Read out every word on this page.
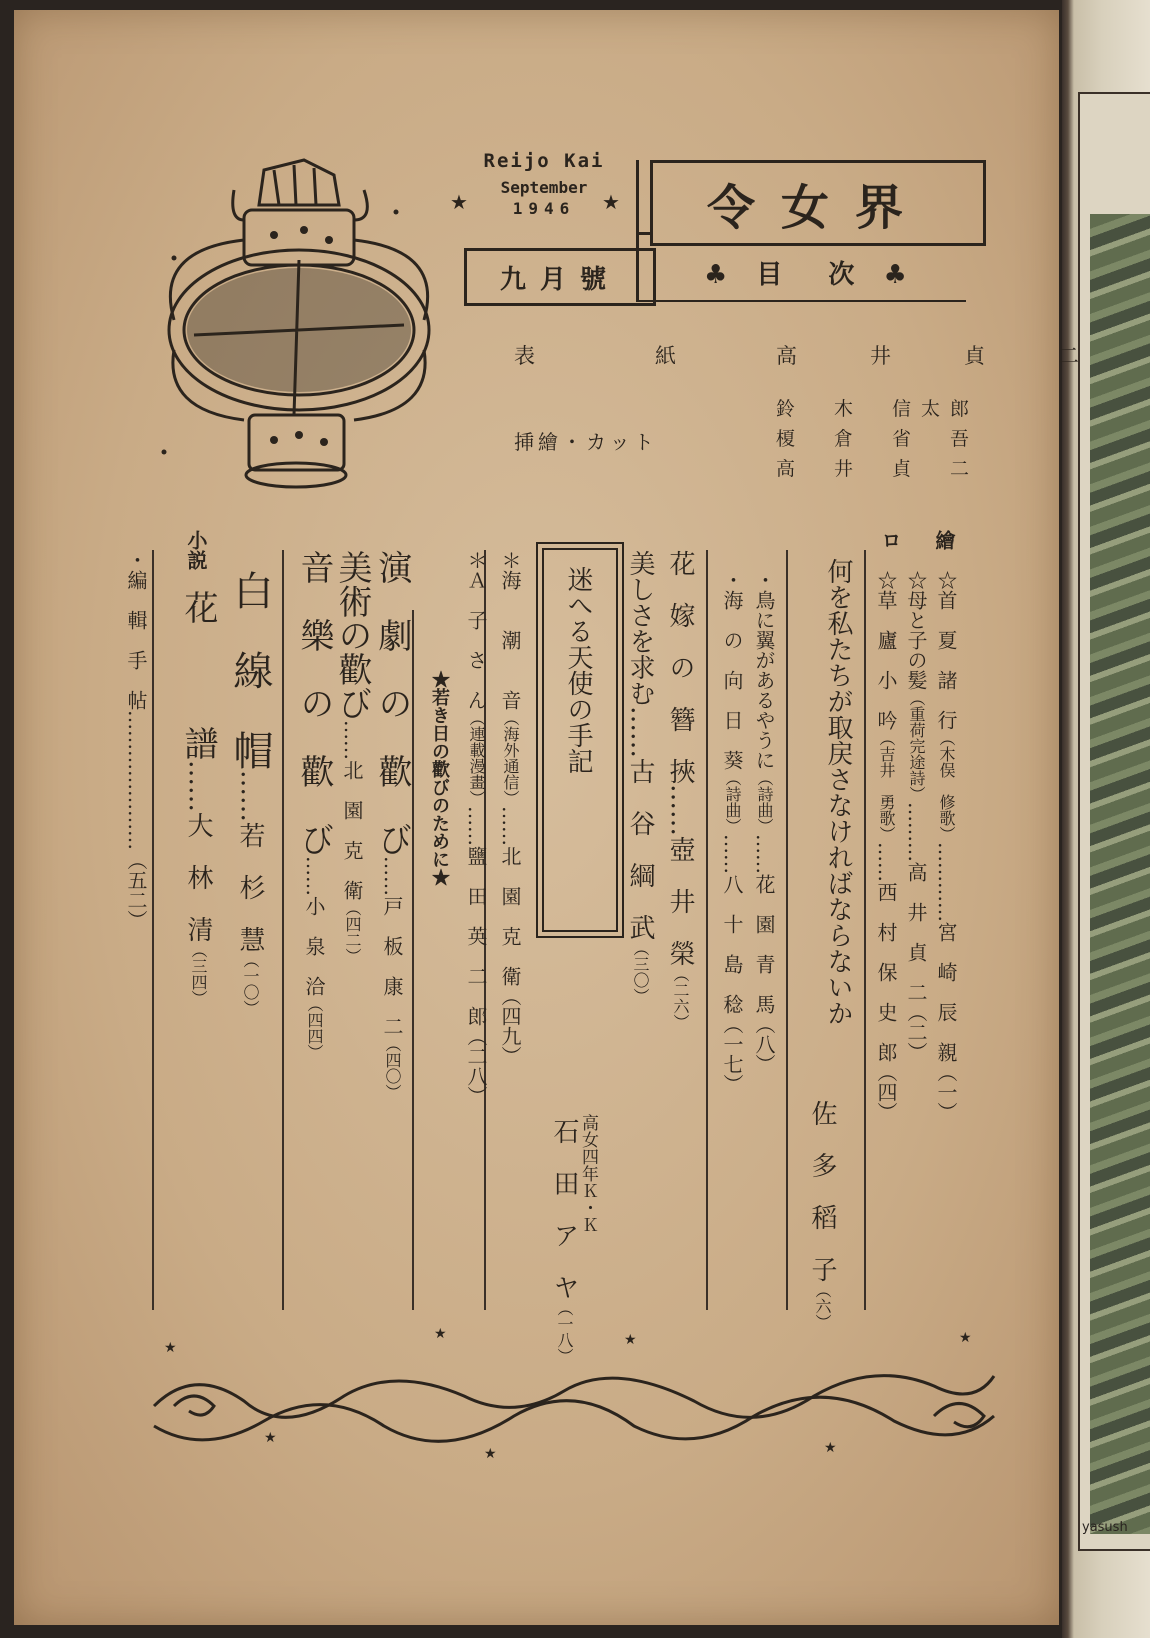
yasush
Reijo Kai
September
1946
★	★ 令女界
九月號	♣ 目　次 ♣
表　　紙	高　井　貞　二
挿繪・カット
鈴　木　信太郎
榎　倉　省　吾
高　井　貞　二
繪
ロ
小説
☆首　夏　諸　行（木俣　修歌）…………宮　崎　辰　親（一）
☆母と子の髪（重荷完途詩）………高　井　貞　二（二）
☆草　廬　小　吟（吉井　勇歌）……西　村　保　史　郎（四）
何を私たちが取戻さなければならないか
佐　多　稻　子（六）
・鳥に翼があるやうに（詩曲）……花　園　青　馬（八）
・海　の　向　日　葵（詩曲）……八　十　島　稔（一七）
花　嫁　の　簪　挾……壺　井　榮（二六）
美しさを求む……古　谷　綱　武（三〇）
迷へる天使の手記
高女四年Ｋ・Ｋ
石　田　ア　ヤ（一八）
＊海　　潮　　音（海外通信）……北　園　克　衛（四九）
＊Ａ　子　さ　ん（連載漫畫）……鹽　田　英　二　郎（二八）
★若き日の歡びのために★
演　劇　の　歡　び……戸　板　康　二（四〇）
美術の歡び……北　園　克　衛（四二）
音　樂　の　歡　び……小　泉　洽（四四）
白　線　帽……若　杉　慧（一〇）
花　　　譜……大　林　清（三四）
・編　輯　手　帖…………………（五二）
★
★	★
★
★	★
★
